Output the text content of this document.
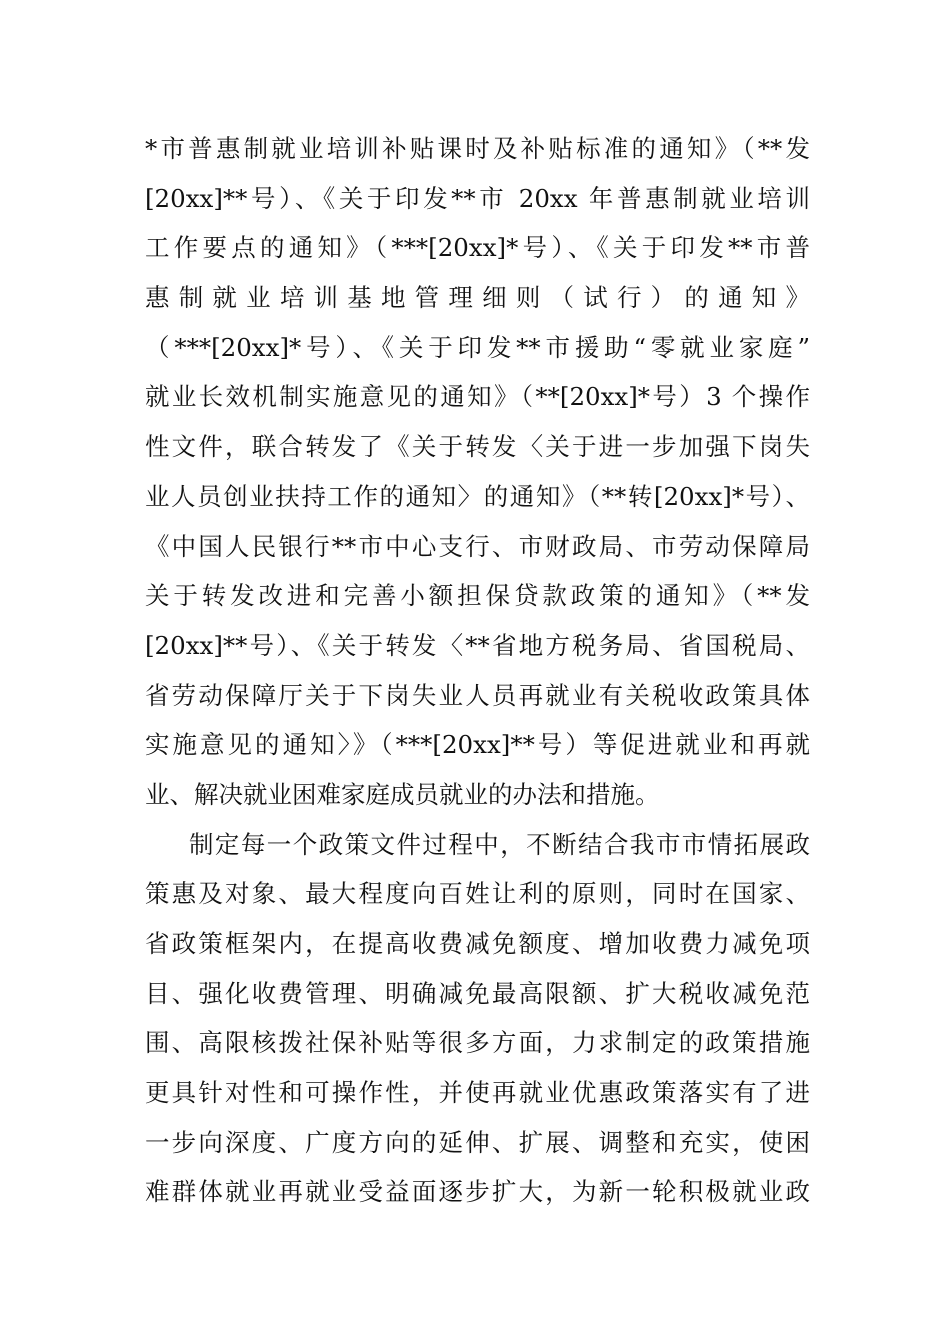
*市普惠制就业培训补贴课时及补贴标准的通知》（**发
[20xx]**号）、《关于印发**市 20xx 年普惠制就业培训
工作要点的通知》（***[20xx]*号）、《关于印发**市普
惠 制 就 业 培 训 基 地 管 理 细 则 （ 试 行 ） 的 通 知 》
（***[20xx]*号）、《关于印发**市援助“零就业家庭”
就业长效机制实施意见的通知》（**[20xx]*号）3 个操作
性文件，联合转发了《关于转发〈关于进一步加强下岗失
业人员创业扶持工作的通知〉的通知》（**转[20xx]*号）、
《中国人民银行**市中心支行、市财政局、市劳动保障局
关于转发改进和完善小额担保贷款政策的通知》（**发
[20xx]**号）、《关于转发〈**省地方税务局、省国税局、
省劳动保障厅关于下岗失业人员再就业有关税收政策具体
实施意见的通知〉》（***[20xx]**号）等促进就业和再就
业、解决就业困难家庭成员就业的办法和措施。
制定每一个政策文件过程中，不断结合我市市情拓展政
策惠及对象、最大程度向百姓让利的原则，同时在国家、
省政策框架内，在提高收费减免额度、增加收费力减免项
目、强化收费管理、明确减免最高限额、扩大税收减免范
围、高限核拨社保补贴等很多方面，力求制定的政策措施
更具针对性和可操作性，并使再就业优惠政策落实有了进
一步向深度、广度方向的延伸、扩展、调整和充实，使困
难群体就业再就业受益面逐步扩大，为新一轮积极就业政
